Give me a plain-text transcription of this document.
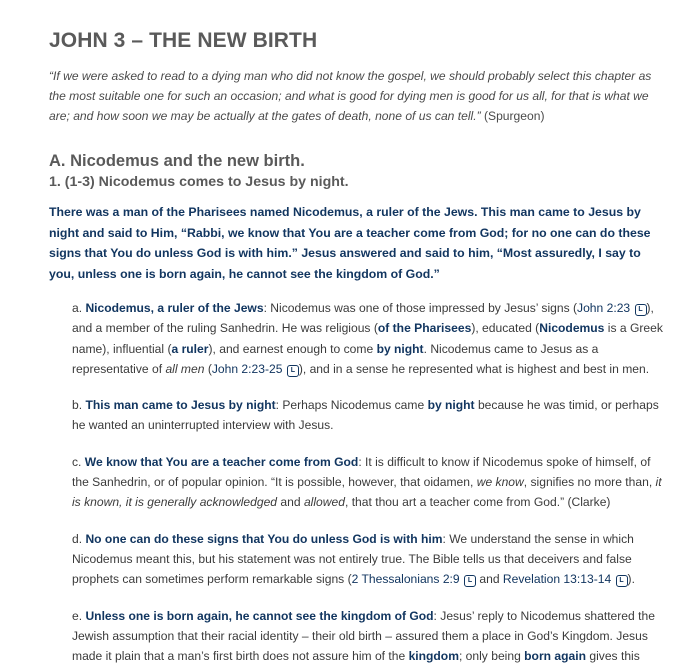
JOHN 3 – THE NEW BIRTH

“If we were asked to read to a dying man who did not know the gospel, we should probably select this chapter as the most suitable one for such an occasion; and what is good for dying men is good for us all, for that is what we are; and how soon we may be actually at the gates of death, none of us can tell.” (Spurgeon)

A. Nicodemus and the new birth.
1. (1-3) Nicodemus comes to Jesus by night.

There was a man of the Pharisees named Nicodemus, a ruler of the Jews. This man came to Jesus by night and said to Him, “Rabbi, we know that You are a teacher come from God; for no one can do these signs that You do unless God is with him.” Jesus answered and said to him, “Most assuredly, I say to you, unless one is born again, he cannot see the kingdom of God.”

a. Nicodemus, a ruler of the Jews: Nicodemus was one of those impressed by Jesus’ signs (John 2:23 L ), and a member of the ruling Sanhedrin. He was religious (of the Pharisees), educated (Nicodemus is a Greek name), influential (a ruler), and earnest enough to come by night. Nicodemus came to Jesus as a representative of all men (John 2:23-25 L ), and in a sense he represented what is highest and best in men.

b. This man came to Jesus by night: Perhaps Nicodemus came by night because he was timid, or perhaps he wanted an uninterrupted interview with Jesus.

c. We know that You are a teacher come from God: It is difficult to know if Nicodemus spoke of himself, of the Sanhedrin, or of popular opinion. “It is possible, however, that oidamen, we know, signifies no more than, it is known, it is generally acknowledged and allowed, that thou art a teacher come from God.” (Clarke)

d. No one can do these signs that You do unless God is with him: We understand the sense in which Nicodemus meant this, but his statement was not entirely true. The Bible tells us that deceivers and false prophets can sometimes perform remarkable signs (2 Thessalonians 2:9 L and Revelation 13:13-14 L ).

e. Unless one is born again, he cannot see the kingdom of God: Jesus’ reply to Nicodemus shattered the Jewish assumption that their racial identity – their old birth – assured them a place in God’s Kingdom. Jesus made it plain that a man’s first birth does not assure him of the kingdom; only being born again gives this
